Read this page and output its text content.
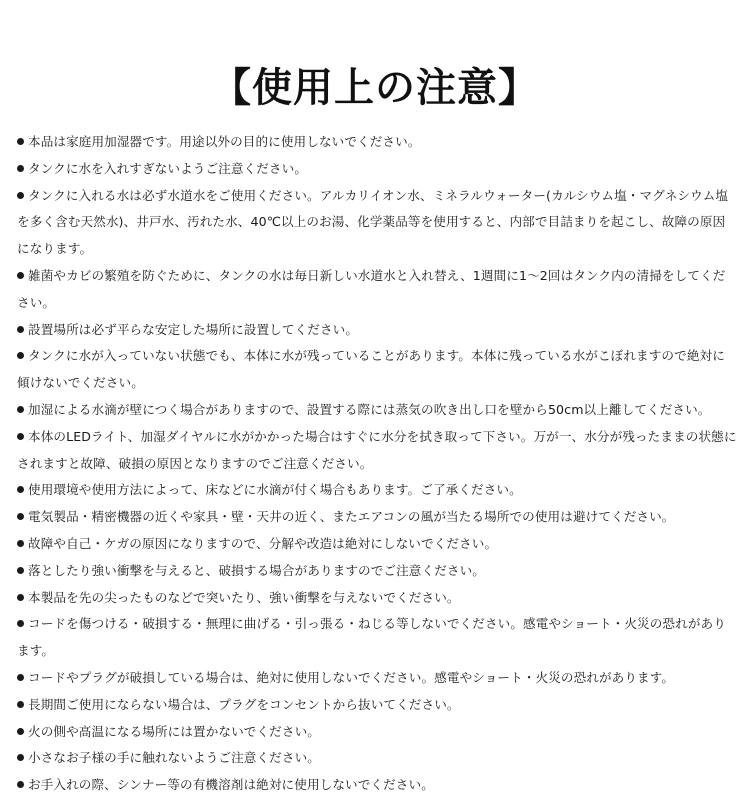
【使用上の注意】
本品は家庭用加湿器です。用途以外の目的に使用しないでください。
タンクに水を入れすぎないようご注意ください。
タンクに入れる水は必ず水道水をご使用ください。アルカリイオン水、ミネラルウォーター(カルシウム塩・マグネシウム塩を多く含む天然水)、井戸水、汚れた水、40℃以上のお湯、化学薬品等を使用すると、内部で目詰まりを起こし、故障の原因になります。
雑菌やカビの繁殖を防ぐために、タンクの水は毎日新しい水道水と入れ替え、1週間に1～2回はタンク内の清掃をしてください。
設置場所は必ず平らな安定した場所に設置してください。
タンクに水が入っていない状態でも、本体に水が残っていることがあります。本体に残っている水がこぼれますので絶対に傾けないでください。
加湿による水滴が壁につく場合がありますので、設置する際には蒸気の吹き出し口を壁から50cm以上離してください。
本体のLEDライト、加湿ダイヤルに水がかかった場合はすぐに水分を拭き取って下さい。万が一、水分が残ったままの状態にされますと故障、破損の原因となりますのでご注意ください。
使用環境や使用方法によって、床などに水滴が付く場合もあります。ご了承ください。
電気製品・精密機器の近くや家具・壁・天井の近く、またエアコンの風が当たる場所での使用は避けてください。
故障や自己・ケガの原因になりますので、分解や改造は絶対にしないでください。
落としたり強い衝撃を与えると、破損する場合がありますのでご注意ください。
本製品を先の尖ったものなどで突いたり、強い衝撃を与えないでください。
コードを傷つける・破損する・無理に曲げる・引っ張る・ねじる等しないでください。感電やショート・火災の恐れがあります。
コードやプラグが破損している場合は、絶対に使用しないでください。感電やショート・火災の恐れがあります。
長期間ご使用にならない場合は、プラグをコンセントから抜いてください。
火の側や高温になる場所には置かないでください。
小さなお子様の手に触れないようご注意ください。
お手入れの際、シンナー等の有機溶剤は絶対に使用しないでください。
